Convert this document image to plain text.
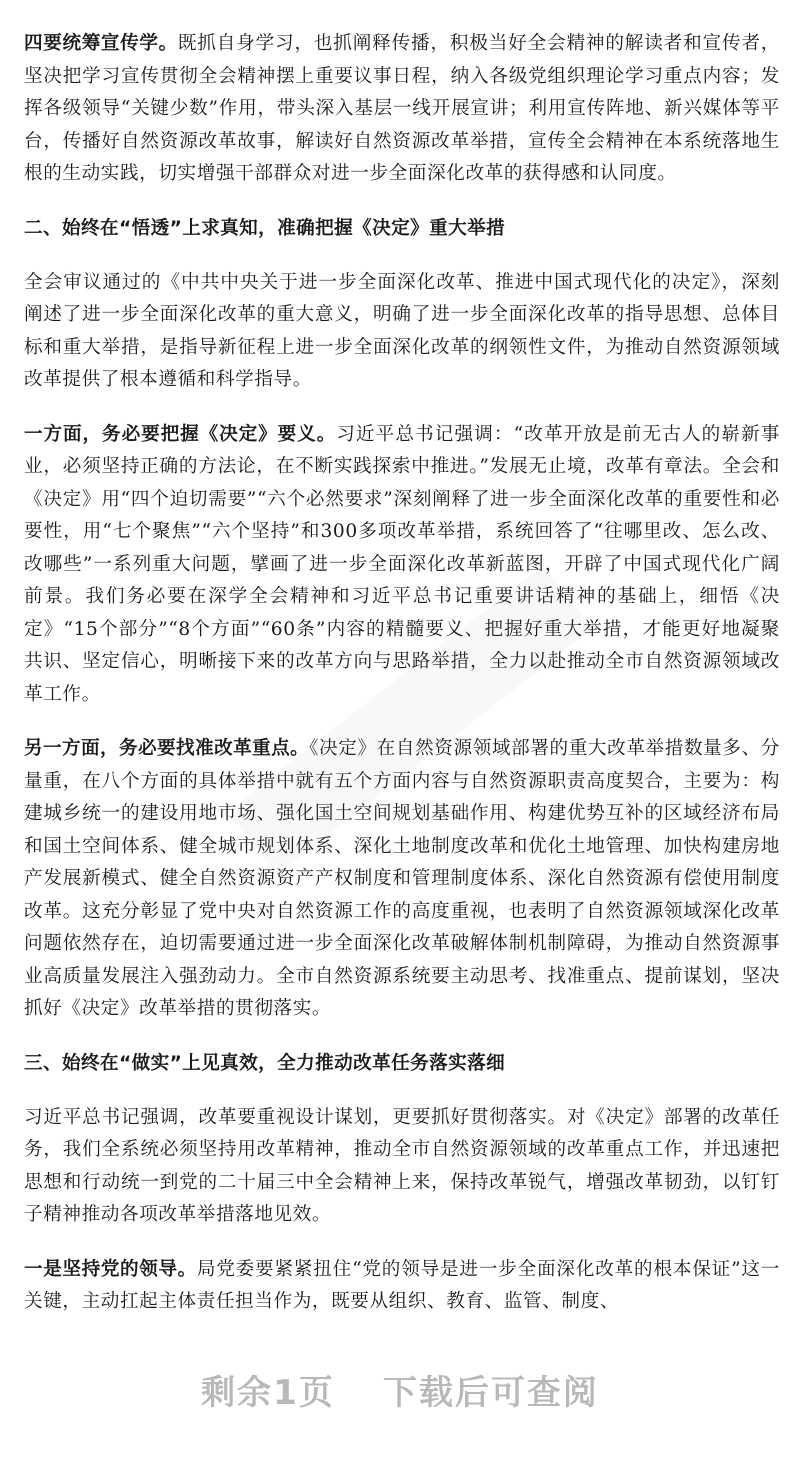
四要统筹宣传学。既抓自身学习，也抓阐释传播，积极当好全会精神的解读者和宣传者，坚决把学习宣传贯彻全会精神摆上重要议事日程，纳入各级党组织理论学习重点内容；发挥各级领导“关键少数”作用，带头深入基层一线开展宣讲；利用宣传阵地、新兴媒体等平台，传播好自然资源改革故事，解读好自然资源改革举措，宣传全会精神在本系统落地生根的生动实践，切实增强干部群众对进一步全面深化改革的获得感和认同度。

二、始终在“悟透”上求真知，准确把握《决定》重大举措

全会审议通过的《中共中央关于进一步全面深化改革、推进中国式现代化的决定》，深刻阐述了进一步全面深化改革的重大意义，明确了进一步全面深化改革的指导思想、总体目标和重大举措，是指导新征程上进一步全面深化改革的纲领性文件，为推动自然资源领域改革提供了根本遵循和科学指导。

一方面，务必要把握《决定》要义。习近平总书记强调：“改革开放是前无古人的崭新事业，必须坚持正确的方法论，在不断实践探索中推进。”发展无止境，改革有章法。全会和《决定》用“四个迫切需要”“六个必然要求”深刻阐释了进一步全面深化改革的重要性和必要性，用“七个聚焦”“六个坚持”和300多项改革举措，系统回答了“往哪里改、怎么改、改哪些”一系列重大问题，擘画了进一步全面深化改革新蓝图，开辟了中国式现代化广阔前景。我们务必要在深学全会精神和习近平总书记重要讲话精神的基础上，细悟《决定》“15个部分”“8个方面”“60条”内容的精髓要义、把握好重大举措，才能更好地凝聚共识、坚定信心，明晰接下来的改革方向与思路举措，全力以赴推动全市自然资源领域改革工作。

另一方面，务必要找准改革重点。《决定》在自然资源领域部署的重大改革举措数量多、分量重，在八个方面的具体举措中就有五个方面内容与自然资源职责高度契合，主要为：构建城乡统一的建设用地市场、强化国土空间规划基础作用、构建优势互补的区域经济布局和国土空间体系、健全城市规划体系、深化土地制度改革和优化土地管理、加快构建房地产发展新模式、健全自然资源资产产权制度和管理制度体系、深化自然资源有偿使用制度改革。这充分彰显了党中央对自然资源工作的高度重视，也表明了自然资源领域深化改革问题依然存在，迫切需要通过进一步全面深化改革破解体制机制障碍，为推动自然资源事业高质量发展注入强劲动力。全市自然资源系统要主动思考、找准重点、提前谋划，坚决抓好《决定》改革举措的贯彻落实。

三、始终在“做实”上见真效，全力推动改革任务落实落细

习近平总书记强调，改革要重视设计谋划，更要抓好贯彻落实。对《决定》部署的改革任务，我们全系统必须坚持用改革精神，推动全市自然资源领域的改革重点工作，并迅速把思想和行动统一到党的二十届三中全会精神上来，保持改革锐气，增强改革韧劲，以钉钉子精神推动各项改革举措落地见效。

一是坚持党的领导。局党委要紧紧扭住“党的领导是进一步全面深化改革的根本保证”这一关键，主动扛起主体责任担当作为，既要从组织、教育、监管、制度、

剩余1页 下载后可查阅
